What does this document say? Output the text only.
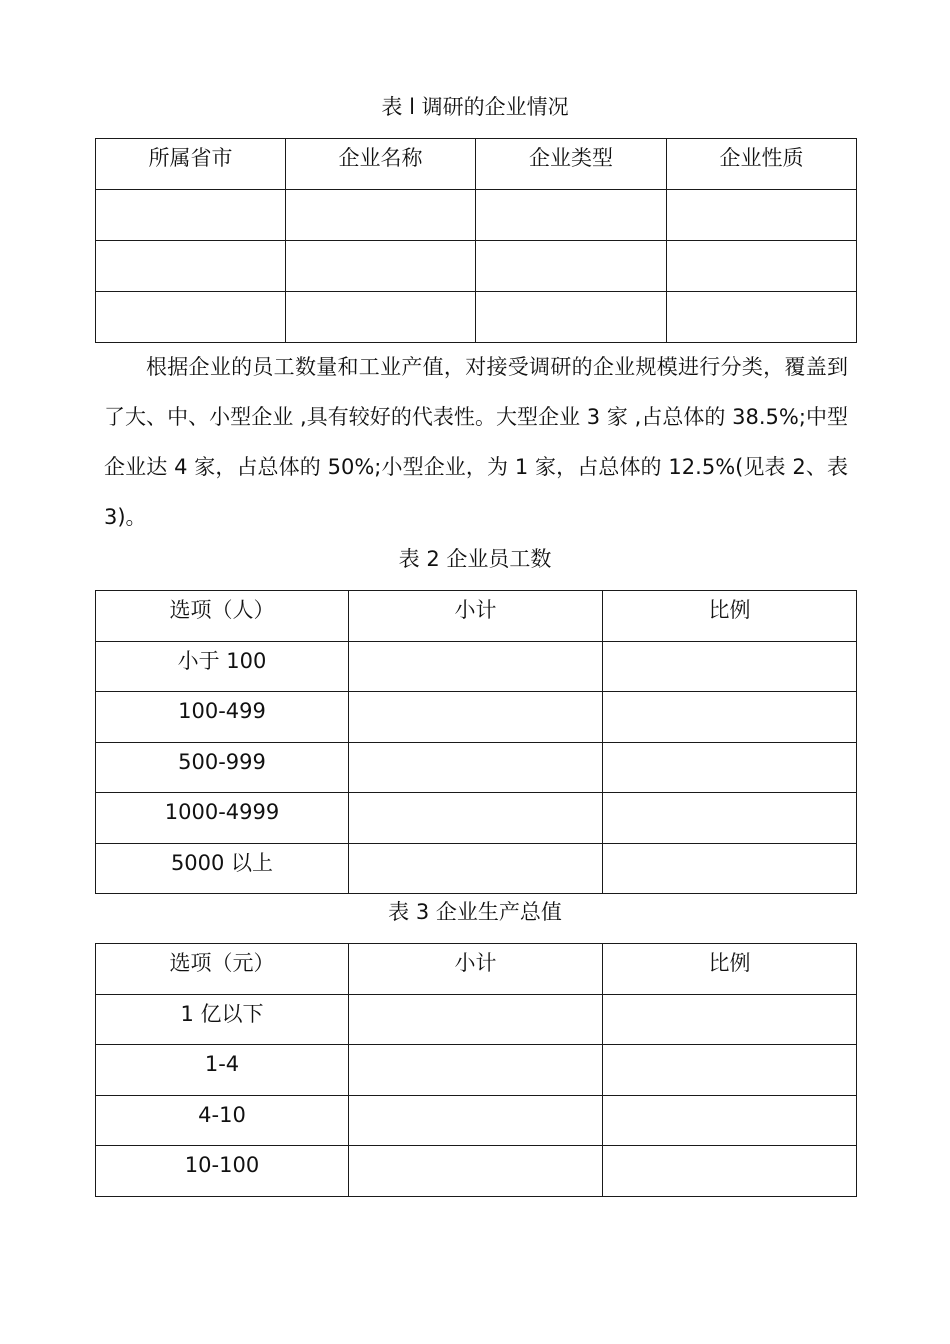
表 l 调研的企业情况

所属省市	企业名称	企业类型	企业性质

根据企业的员工数量和工业产值，对接受调研的企业规模进行分类，覆盖到了大、中、小型企业 ,具有较好的代表性。大型企业 3 家 ,占总体的 38.5%;中型企业达 4 家，占总体的 50%;小型企业，为 1 家，占总体的 12.5%(见表 2、表 3)。

表 2 企业员工数

选项（人）	小计	比例
小于 100		
100-499		
500-999		
1000-4999		
5000 以上		

表 3 企业生产总值

选项（元）	小计	比例
1 亿以下		
1-4		
4-10		
10-100		
